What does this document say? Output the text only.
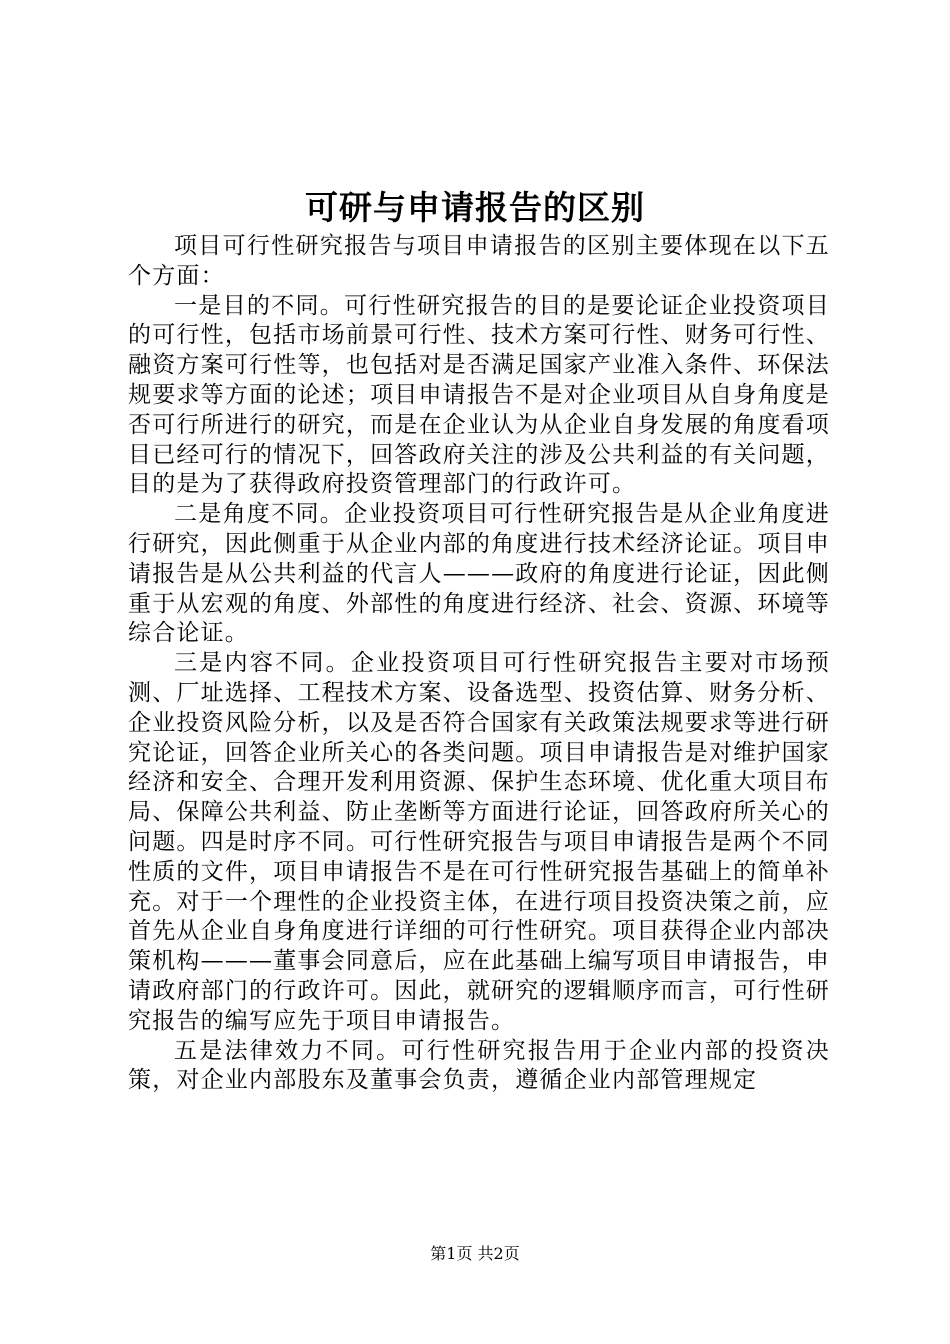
可研与申请报告的区别

项目可行性研究报告与项目申请报告的区别主要体现在以下五个方面：

一是目的不同。可行性研究报告的目的是要论证企业投资项目的可行性，包括市场前景可行性、技术方案可行性、财务可行性、融资方案可行性等，也包括对是否满足国家产业准入条件、环保法规要求等方面的论述；项目申请报告不是对企业项目从自身角度是否可行所进行的研究，而是在企业认为从企业自身发展的角度看项目已经可行的情况下，回答政府关注的涉及公共利益的有关问题，目的是为了获得政府投资管理部门的行政许可。

二是角度不同。企业投资项目可行性研究报告是从企业角度进行研究，因此侧重于从企业内部的角度进行技术经济论证。项目申请报告是从公共利益的代言人———政府的角度进行论证，因此侧重于从宏观的角度、外部性的角度进行经济、社会、资源、环境等综合论证。

三是内容不同。企业投资项目可行性研究报告主要对市场预测、厂址选择、工程技术方案、设备选型、投资估算、财务分析、企业投资风险分析，以及是否符合国家有关政策法规要求等进行研究论证，回答企业所关心的各类问题。项目申请报告是对维护国家经济和安全、合理开发利用资源、保护生态环境、优化重大项目布局、保障公共利益、防止垄断等方面进行论证，回答政府所关心的问题。四是时序不同。可行性研究报告与项目申请报告是两个不同性质的文件，项目申请报告不是在可行性研究报告基础上的简单补充。对于一个理性的企业投资主体，在进行项目投资决策之前，应首先从企业自身角度进行详细的可行性研究。项目获得企业内部决策机构———董事会同意后，应在此基础上编写项目申请报告，申请政府部门的行政许可。因此，就研究的逻辑顺序而言，可行性研究报告的编写应先于项目申请报告。

五是法律效力不同。可行性研究报告用于企业内部的投资决策，对企业内部股东及董事会负责，遵循企业内部管理规定

第1页 共2页
